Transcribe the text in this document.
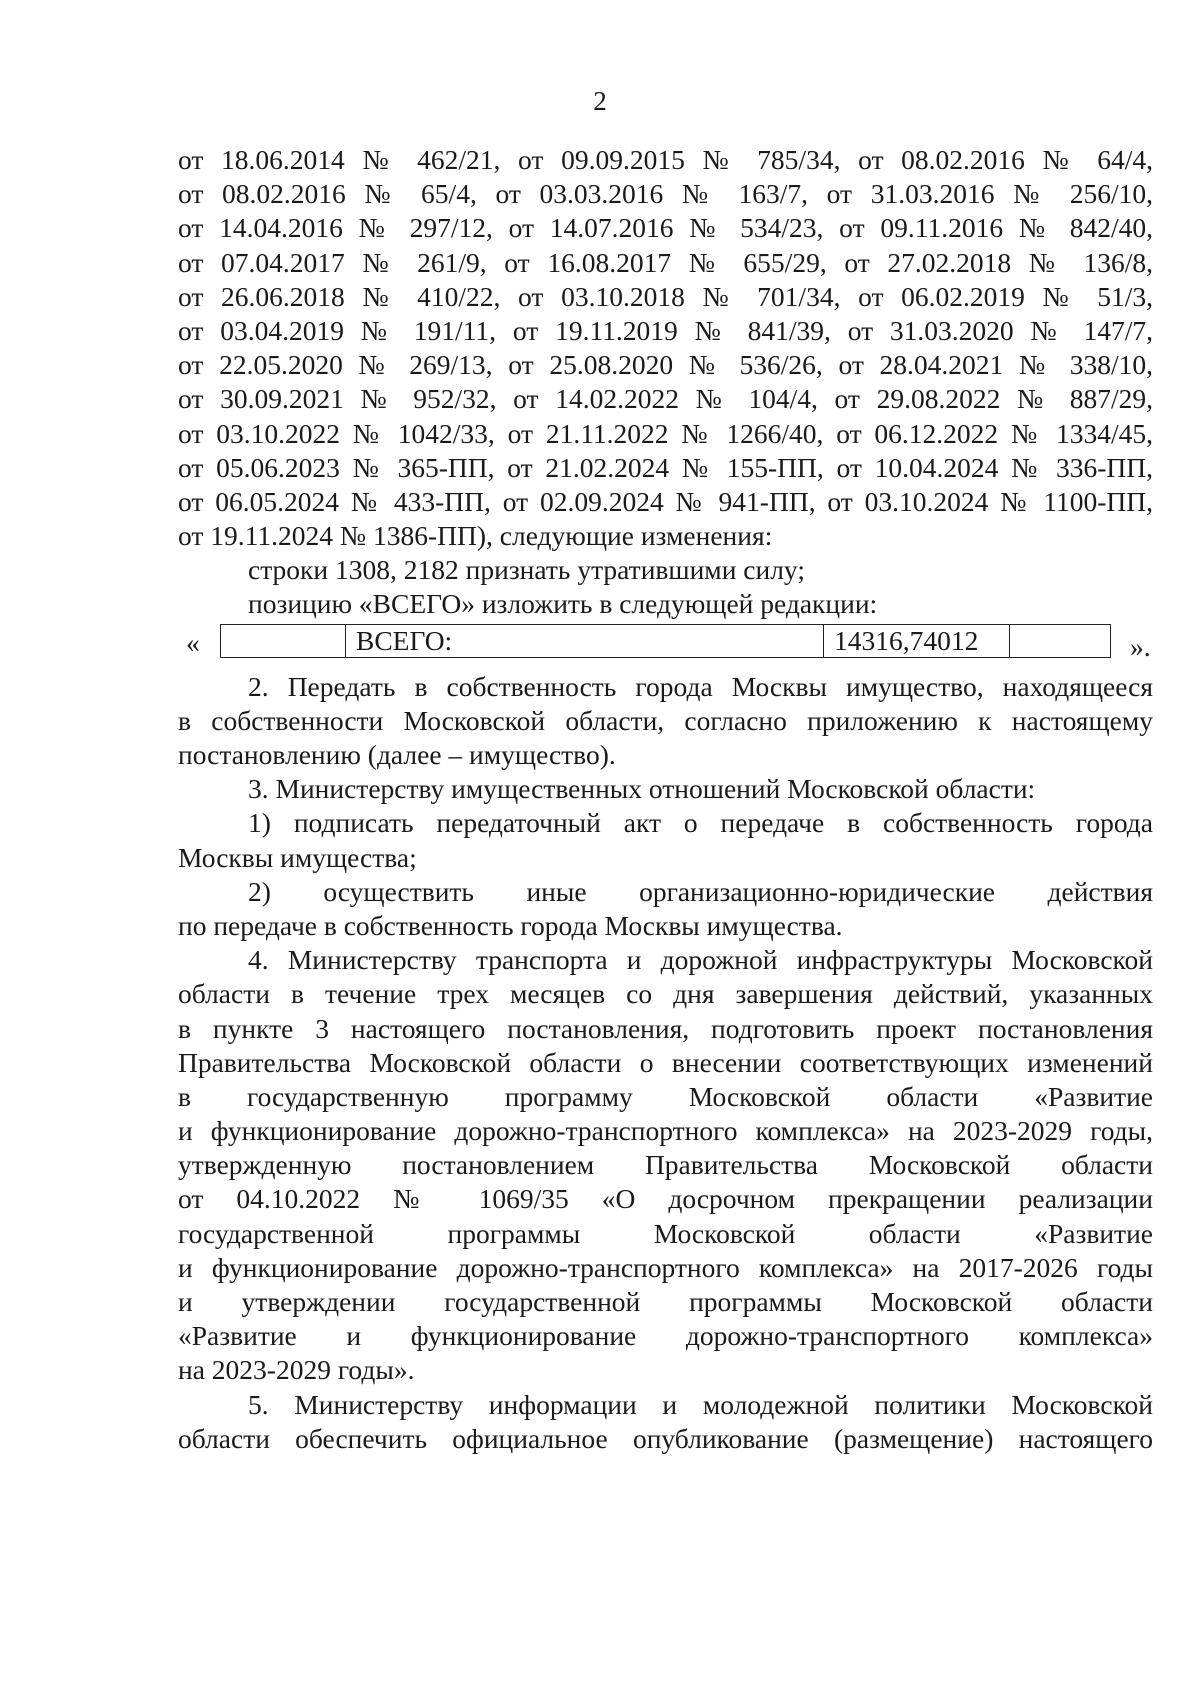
2
от 18.06.2014 № 462/21, от 09.09.2015 № 785/34, от 08.02.2016 № 64/4,
от 08.02.2016 № 65/4, от 03.03.2016 № 163/7, от 31.03.2016 № 256/10,
от 14.04.2016 № 297/12, от 14.07.2016 № 534/23, от 09.11.2016 № 842/40,
от 07.04.2017 № 261/9, от 16.08.2017 № 655/29, от 27.02.2018 № 136/8,
от 26.06.2018 № 410/22, от 03.10.2018 № 701/34, от 06.02.2019 № 51/3,
от 03.04.2019 № 191/11, от 19.11.2019 № 841/39, от 31.03.2020 № 147/7,
от 22.05.2020 № 269/13, от 25.08.2020 № 536/26, от 28.04.2021 № 338/10,
от 30.09.2021 № 952/32, от 14.02.2022 № 104/4, от 29.08.2022 № 887/29,
от 03.10.2022 № 1042/33, от 21.11.2022 № 1266/40, от 06.12.2022 № 1334/45,
от 05.06.2023 № 365-ПП, от 21.02.2024 № 155-ПП, от 10.04.2024 № 336-ПП,
от 06.05.2024 № 433-ПП, от 02.09.2024 № 941-ПП, от 03.10.2024 № 1100-ПП,
от 19.11.2024 № 1386-ПП), следующие изменения:
строки 1308, 2182 признать утратившими силу;
позицию «ВСЕГО» изложить в следующей редакции:
«	ВСЕГО:	14316,74012	».
2. Передать в собственность города Москвы имущество, находящееся
в собственности Московской области, согласно приложению к настоящему
постановлению (далее – имущество).
3. Министерству имущественных отношений Московской области:
1) подписать передаточный акт о передаче в собственность города
Москвы имущества;
2) осуществить иные организационно-юридические действия
по передаче в собственность города Москвы имущества.
4. Министерству транспорта и дорожной инфраструктуры Московской
области в течение трех месяцев со дня завершения действий, указанных
в пункте 3 настоящего постановления, подготовить проект постановления
Правительства Московской области о внесении соответствующих изменений
в государственную программу Московской области «Развитие
и функционирование дорожно-транспортного комплекса» на 2023-2029 годы,
утвержденную постановлением Правительства Московской области
от 04.10.2022 № 1069/35 «О досрочном прекращении реализации
государственной программы Московской области «Развитие
и функционирование дорожно-транспортного комплекса» на 2017-2026 годы
и утверждении государственной программы Московской области
«Развитие и функционирование дорожно-транспортного комплекса»
на 2023-2029 годы».
5. Министерству информации и молодежной политики Московской
области обеспечить официальное опубликование (размещение) настоящего
